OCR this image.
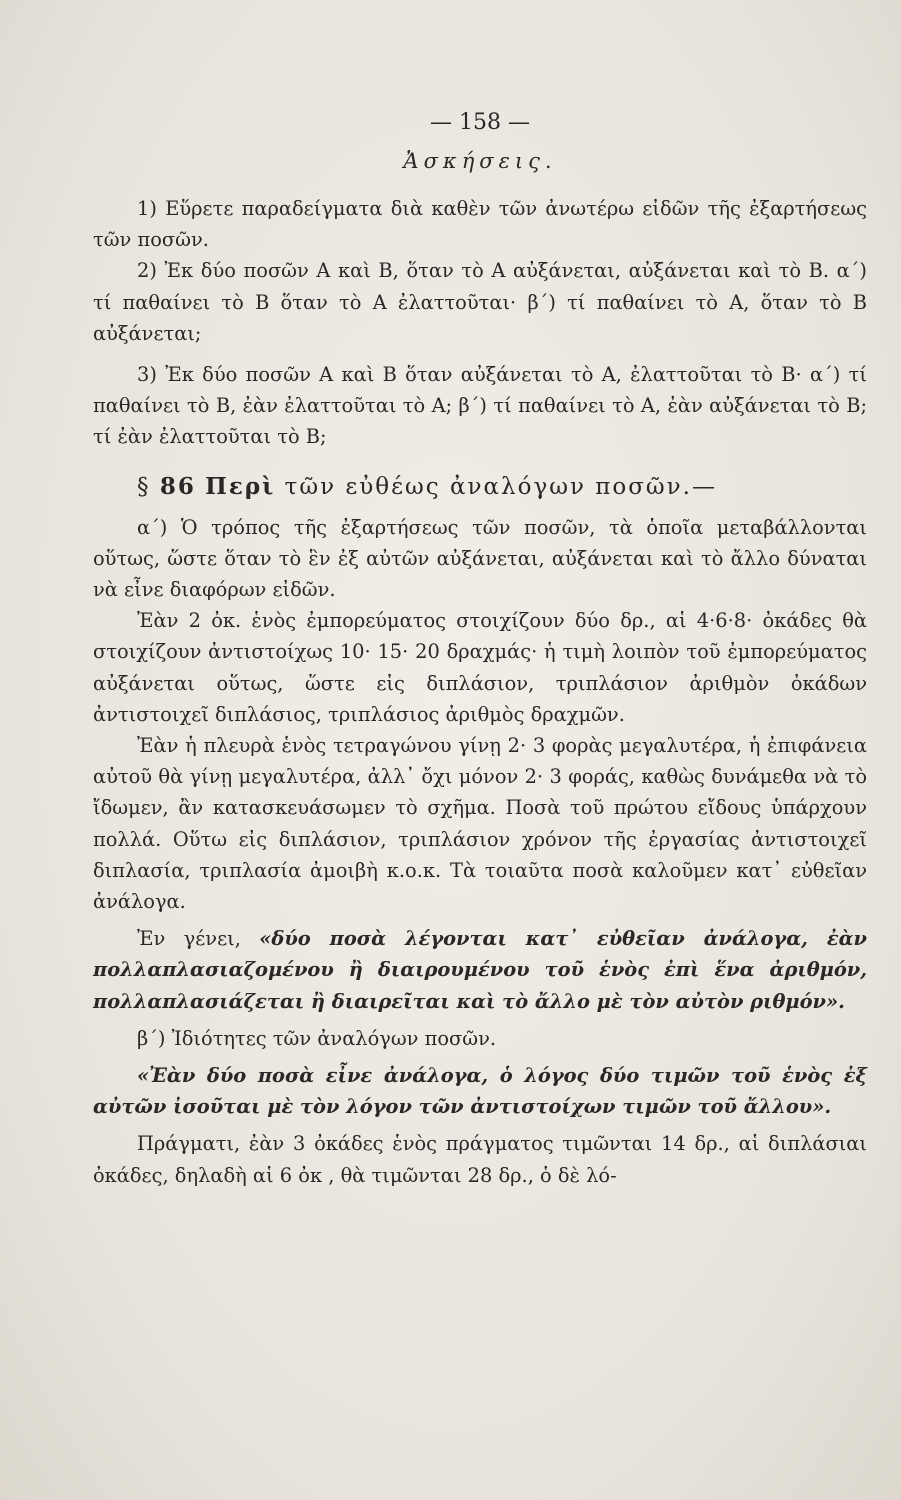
— 158 —
Ἀσκήσεις.

1) Εὕρετε παραδείγματα διὰ καθὲν τῶν ἀνωτέρω εἰδῶν τῆς ἐξαρτήσεως τῶν ποσῶν.

2) Ἐκ δύο ποσῶν Α καὶ Β, ὅταν τὸ Α αὐξάνεται, αὐξάνεται καὶ τὸ Β. α΄) τί παθαίνει τὸ Β ὅταν τὸ Α ἐλαττοῦται· β΄) τί παθαίνει τὸ Α, ὅταν τὸ Β αὐξάνεται;

3) Ἐκ δύο ποσῶν Α καὶ Β ὅταν αὐξάνεται τὸ Α, ἐλαττοῦται τὸ Β· α΄) τί παθαίνει τὸ Β, ἐὰν ἐλαττοῦται τὸ Α; β΄) τί παθαίνει τὸ Α, ἐὰν αὐξάνεται τὸ Β; τί ἐὰν ἐλαττοῦται τὸ Β;

§ 86 Περὶ τῶν εὐθέως ἀναλόγων ποσῶν.—

α΄) Ὁ τρόπος τῆς ἐξαρτήσεως τῶν ποσῶν, τὰ ὁποῖα μεταβάλλονται οὕτως, ὥστε ὅταν τὸ ἓν ἐξ αὐτῶν αὐξάνεται, αὐξάνεται καὶ τὸ ἄλλο δύναται νὰ εἶνε διαφόρων εἰδῶν.

Ἐὰν 2 ὀκ. ἑνὸς ἐμπορεύματος στοιχίζουν δύο δρ., αἱ 4·6·8· ὀκάδες θὰ στοιχίζουν ἀντιστοίχως 10· 15· 20 δραχμάς· ἡ τιμὴ λοιπὸν τοῦ ἐμπορεύματος αὐξάνεται οὕτως, ὥστε εἰς διπλάσιον, τριπλάσιον ἀριθμὸν ὀκάδων ἀντιστοιχεῖ διπλάσιος, τριπλάσιος ἀριθμὸς δραχμῶν.

Ἐὰν ἡ πλευρὰ ἑνὸς τετραγώνου γίνῃ 2· 3 φορὰς μεγαλυτέρα, ἡ ἐπιφάνεια αὐτοῦ θὰ γίνῃ μεγαλυτέρα, ἀλλ᾽ ὄχι μόνον 2· 3 φοράς, καθὼς δυνάμεθα νὰ τὸ ἴδωμεν, ἂν κατασκευάσωμεν τὸ σχῆμα. Ποσὰ τοῦ πρώτου εἴδους ὑπάρχουν πολλά. Οὕτω εἰς διπλάσιον, τριπλάσιον χρόνον τῆς ἐργασίας ἀντιστοιχεῖ διπλασία, τριπλασία ἀμοιβὴ κ.ο.κ. Τὰ τοιαῦτα ποσὰ καλοῦμεν κατ᾽ εὐθεῖαν ἀνάλογα.

Ἐν γένει, «δύο ποσὰ λέγονται κατ᾽ εὐθεῖαν ἀνάλογα, ἐὰν πολλαπλασιαζομένου ἢ διαιρουμένου τοῦ ἑνὸς ἐπὶ ἕνα ἀριθμόν, πολλαπλασιάζεται ἢ διαιρεῖται καὶ τὸ ἄλλο μὲ τὸν αὐτὸν ριθμόν».

β΄) Ἰδιότητες τῶν ἀναλόγων ποσῶν.

«Ἐὰν δύο ποσὰ εἶνε ἀνάλογα, ὁ λόγος δύο τιμῶν τοῦ ἑνὸς ἐξ αὐτῶν ἰσοῦται μὲ τὸν λόγον τῶν ἀντιστοίχων τιμῶν τοῦ ἄλλου».

Πράγματι, ἐὰν 3 ὀκάδες ἑνὸς πράγματος τιμῶνται 14 δρ., αἱ διπλάσιαι ὀκάδες, δηλαδὴ αἱ 6 ὀκ , θὰ τιμῶνται 28 δρ., ὁ δὲ λό-
